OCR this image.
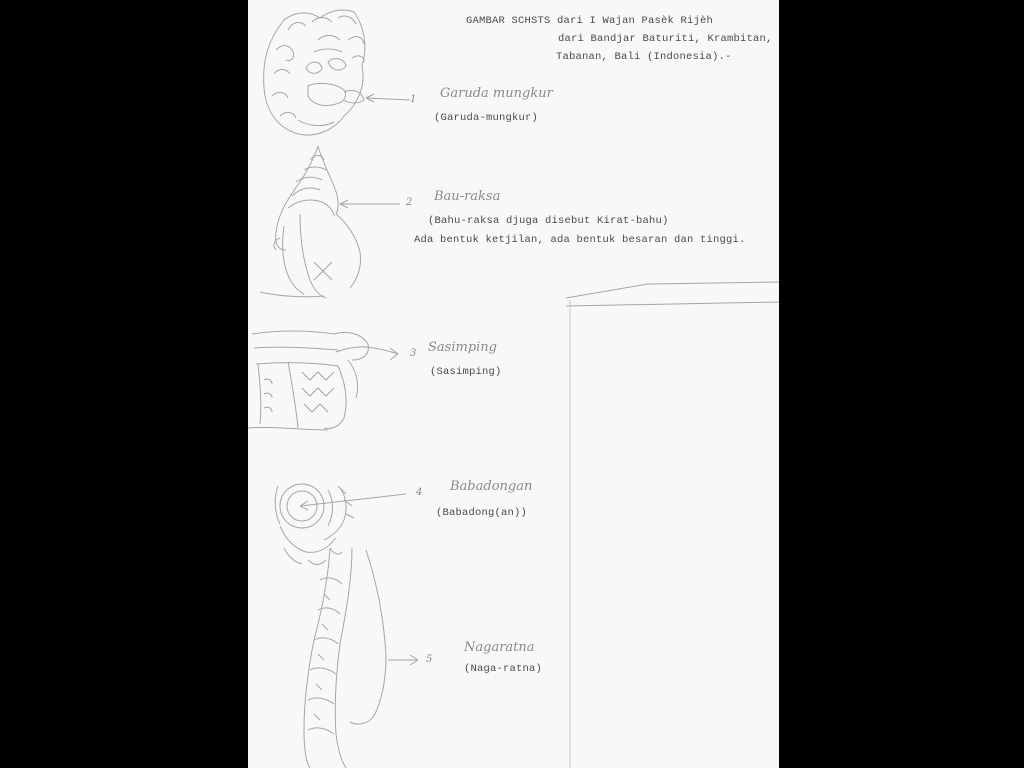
GAMBAR SCHSTS dari I Wajan Pasèk Rijèh
dari Bandjar Baturiti, Krambitan,
Tabanan, Bali (Indonesia).-
1 Garuda mungkur
(Garuda-mungkur)
2 Bau-raksa
(Bahu-raksa djuga disebut Kirat-bahu)
Ada bentuk ketjilan, ada bentuk besaran dan tinggi.
3 Sasimping
(Sasimping)
4 Babadongan
(Babadong(an))
5
Nagaratna
(Naga-ratna)
